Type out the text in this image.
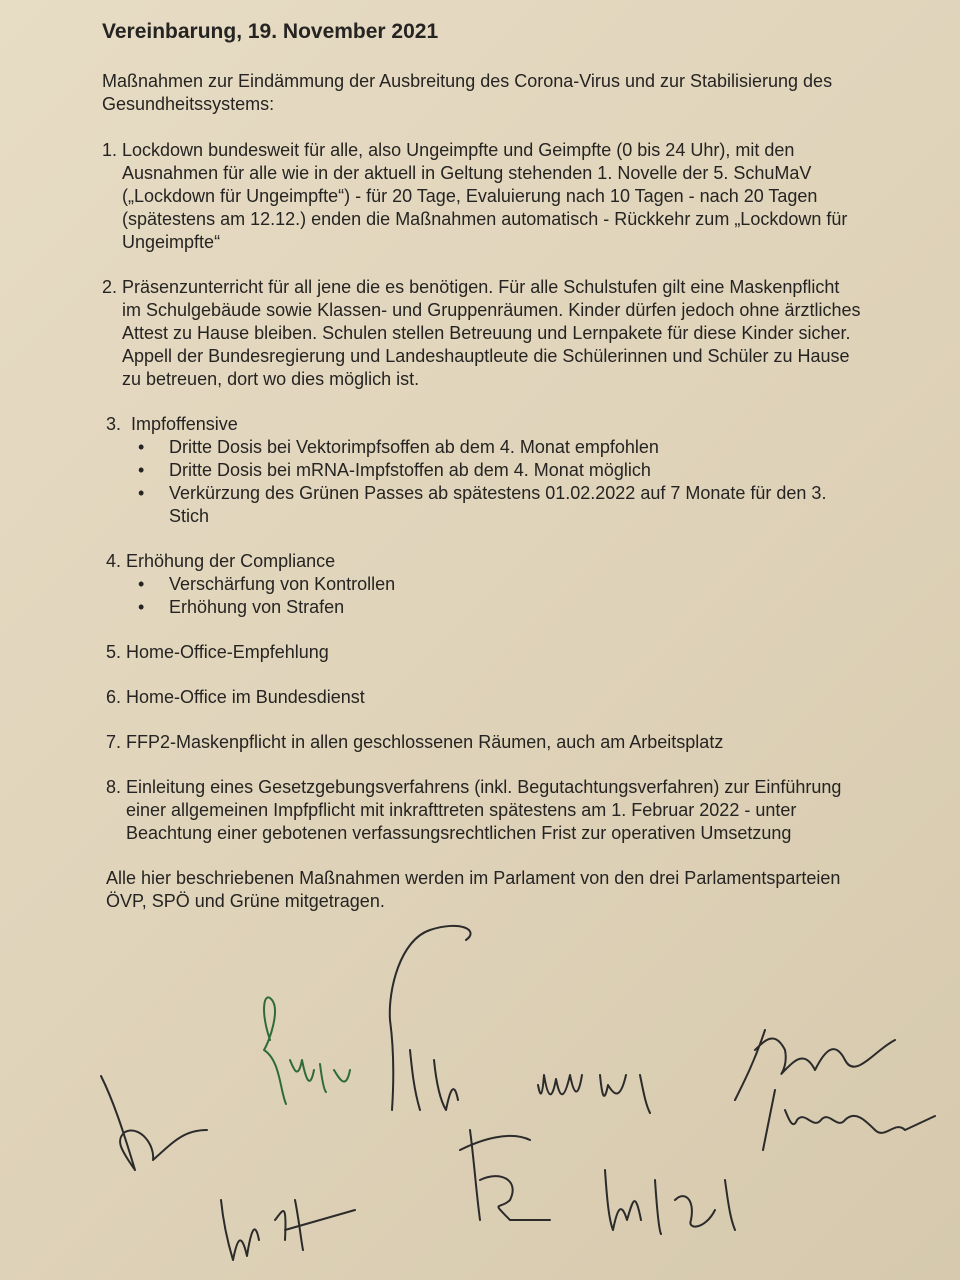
Vereinbarung, 19. November 2021
Maßnahmen zur Eindämmung der Ausbreitung des Corona-Virus und zur Stabilisierung des Gesundheitssystems:
1. Lockdown bundesweit für alle, also Ungeimpfte und Geimpfte (0 bis 24 Uhr), mit den Ausnahmen für alle wie in der aktuell in Geltung stehenden 1. Novelle der 5. SchuMaV („Lockdown für Ungeimpfte“) - für 20 Tage, Evaluierung nach 10 Tagen - nach 20 Tagen (spätestens am 12.12.) enden die Maßnahmen automatisch - Rückkehr zum „Lockdown für Ungeimpfte“
2. Präsenzunterricht für all jene die es benötigen. Für alle Schulstufen gilt eine Maskenpflicht im Schulgebäude sowie Klassen- und Gruppenräumen. Kinder dürfen jedoch ohne ärztliches Attest zu Hause bleiben. Schulen stellen Betreuung und Lernpakete für diese Kinder sicher. Appell der Bundesregierung und Landeshauptleute die Schülerinnen und Schüler zu Hause zu betreuen, dort wo dies möglich ist.
3. Impfoffensive
• Dritte Dosis bei Vektorimpfsoffen ab dem 4. Monat empfohlen
• Dritte Dosis bei mRNA-Impfstoffen ab dem 4. Monat möglich
• Verkürzung des Grünen Passes ab spätestens 01.02.2022 auf 7 Monate für den 3. Stich
4. Erhöhung der Compliance
• Verschärfung von Kontrollen
• Erhöhung von Strafen
5. Home-Office-Empfehlung
6. Home-Office im Bundesdienst
7. FFP2-Maskenpflicht in allen geschlossenen Räumen, auch am Arbeitsplatz
8. Einleitung eines Gesetzgebungsverfahrens (inkl. Begutachtungsverfahren) zur Einführung einer allgemeinen Impfpflicht mit inkrafttreten spätestens am 1. Februar 2022 - unter Beachtung einer gebotenen verfassungsrechtlichen Frist zur operativen Umsetzung
Alle hier beschriebenen Maßnahmen werden im Parlament von den drei Parlamentsparteien ÖVP, SPÖ und Grüne mitgetragen.
